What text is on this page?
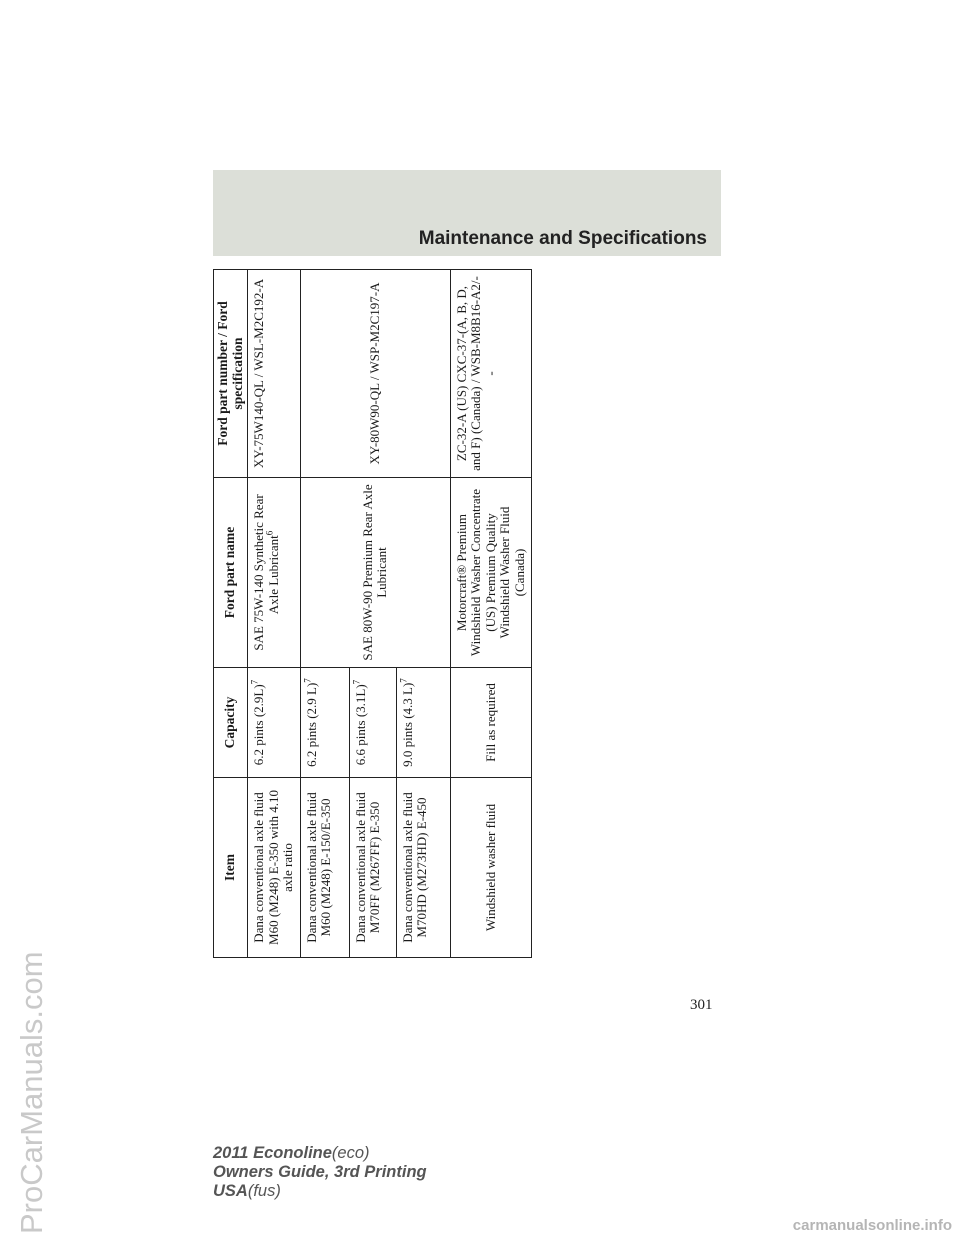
Maintenance and Specifications
Item	Capacity	Ford part name	Ford part number / Ford specification
Dana conventional axle fluid M60 (M248) E-350 with 4.10 axle ratio	6.2 pints $(2.9L)^7$	SAE 75W-140 Synthetic Rear Axle Lubricant$^6$	XY-75W140-QL / WSL-M2C192-A
Dana conventional axle fluid M60 (M248) E-150/E-350	6.2 pints (2.9 L)$^7$	SAE 80W-90 Premium Rear Axle Lubricant	XY-80W90-QL / WSP-M2C197-A
Dana conventional axle fluid M70FF (M267FF) E-350	6.6 pints $(3.1L)^7$
Dana conventional axle fluid M70HD (M273HD) E-450	9.0 pints (4.3 L)$^7$
Windshield washer fluid	Fill as required	Motorcraft® Premium Windshield Washer Concentrate (US) Premium Quality Windshield Washer Fluid (Canada)	ZC-32-A (US) CXC-37-(A, B, D, and F) (Canada) / WSB-M8B16-A2/- -
301
2011 Econoline(eco)
Owners Guide, 3rd Printing
USA(fus)
ProCarManuals.com	carmanualsonline.info
